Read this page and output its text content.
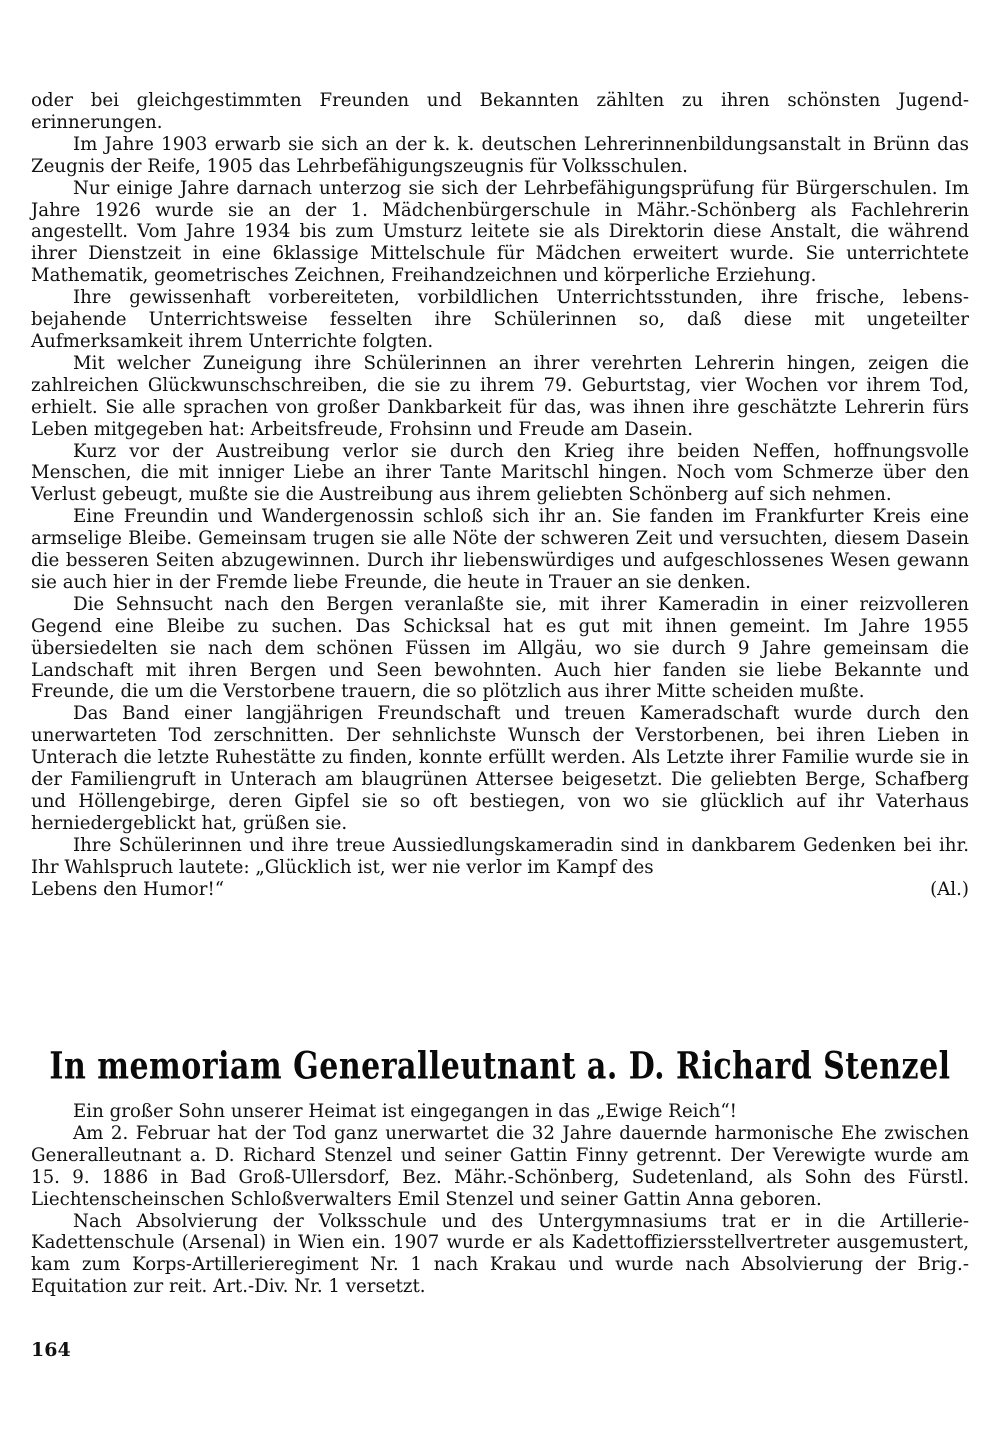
oder bei gleichgestimmten Freunden und Bekannten zählten zu ihren schönsten Jugenderinnerungen.

Im Jahre 1903 erwarb sie sich an der k. k. deutschen Lehrerinnenbildungsanstalt in Brünn das Zeugnis der Reife, 1905 das Lehrbefähigungszeugnis für Volksschulen.

Nur einige Jahre darnach unterzog sie sich der Lehrbefähigungsprüfung für Bürgerschulen. Im Jahre 1926 wurde sie an der 1. Mädchenbürgerschule in Mähr.-Schönberg als Fachlehrerin angestellt. Vom Jahre 1934 bis zum Umsturz leitete sie als Direktorin diese Anstalt, die während ihrer Dienstzeit in eine 6klassige Mittelschule für Mädchen erweitert wurde. Sie unterrichtete Mathematik, geometrisches Zeichnen, Freihandzeichnen und körperliche Erziehung.

Ihre gewissenhaft vorbereiteten, vorbildlichen Unterrichtsstunden, ihre frische, lebensbejahende Unterrichtsweise fesselten ihre Schülerinnen so, daß diese mit ungeteilter Aufmerksamkeit ihrem Unterrichte folgten.

Mit welcher Zuneigung ihre Schülerinnen an ihrer verehrten Lehrerin hingen, zeigen die zahlreichen Glückwunschschreiben, die sie zu ihrem 79. Geburtstag, vier Wochen vor ihrem Tod, erhielt. Sie alle sprachen von großer Dankbarkeit für das, was ihnen ihre geschätzte Lehrerin fürs Leben mitgegeben hat: Arbeitsfreude, Frohsinn und Freude am Dasein.

Kurz vor der Austreibung verlor sie durch den Krieg ihre beiden Neffen, hoffnungsvolle Menschen, die mit inniger Liebe an ihrer Tante Maritschl hingen. Noch vom Schmerze über den Verlust gebeugt, mußte sie die Austreibung aus ihrem geliebten Schönberg auf sich nehmen.

Eine Freundin und Wandergenossin schloß sich ihr an. Sie fanden im Frankfurter Kreis eine armselige Bleibe. Gemeinsam trugen sie alle Nöte der schweren Zeit und versuchten, diesem Dasein die besseren Seiten abzugewinnen. Durch ihr liebenswürdiges und aufgeschlossenes Wesen gewann sie auch hier in der Fremde liebe Freunde, die heute in Trauer an sie denken.

Die Sehnsucht nach den Bergen veranlaßte sie, mit ihrer Kameradin in einer reizvolleren Gegend eine Bleibe zu suchen. Das Schicksal hat es gut mit ihnen gemeint. Im Jahre 1955 übersiedelten sie nach dem schönen Füssen im Allgäu, wo sie durch 9 Jahre gemeinsam die Landschaft mit ihren Bergen und Seen bewohnten. Auch hier fanden sie liebe Bekannte und Freunde, die um die Verstorbene trauern, die so plötzlich aus ihrer Mitte scheiden mußte.

Das Band einer langjährigen Freundschaft und treuen Kameradschaft wurde durch den unerwarteten Tod zerschnitten. Der sehnlichste Wunsch der Verstorbenen, bei ihren Lieben in Unterach die letzte Ruhestätte zu finden, konnte erfüllt werden. Als Letzte ihrer Familie wurde sie in der Familiengruft in Unterach am blaugrünen Attersee beigesetzt. Die geliebten Berge, Schafberg und Höllengebirge, deren Gipfel sie so oft bestiegen, von wo sie glücklich auf ihr Vaterhaus herniedergeblickt hat, grüßen sie.

Ihre Schülerinnen und ihre treue Aussiedlungskameradin sind in dankbarem Gedenken bei ihr. Ihr Wahlspruch lautete: „Glücklich ist, wer nie verlor im Kampf des

Lebens den Humor!“	(Al.)
In memoriam Generalleutnant a. D. Richard Stenzel

Ein großer Sohn unserer Heimat ist eingegangen in das „Ewige Reich“!

Am 2. Februar hat der Tod ganz unerwartet die 32 Jahre dauernde harmonische Ehe zwischen Generalleutnant a. D. Richard Stenzel und seiner Gattin Finny getrennt. Der Verewigte wurde am 15. 9. 1886 in Bad Groß-Ullersdorf, Bez. Mähr.-Schönberg, Sudetenland, als Sohn des Fürstl. Liechtenscheinschen Schloßverwalters Emil Stenzel und seiner Gattin Anna geboren.

Nach Absolvierung der Volksschule und des Untergymnasiums trat er in die Artillerie-Kadettenschule (Arsenal) in Wien ein. 1907 wurde er als Kadettoffiziersstellvertreter ausgemustert, kam zum Korps-Artillerieregiment Nr. 1 nach Krakau und wurde nach Absolvierung der Brig.-Equitation zur reit. Art.-Div. Nr. 1 versetzt.

164
